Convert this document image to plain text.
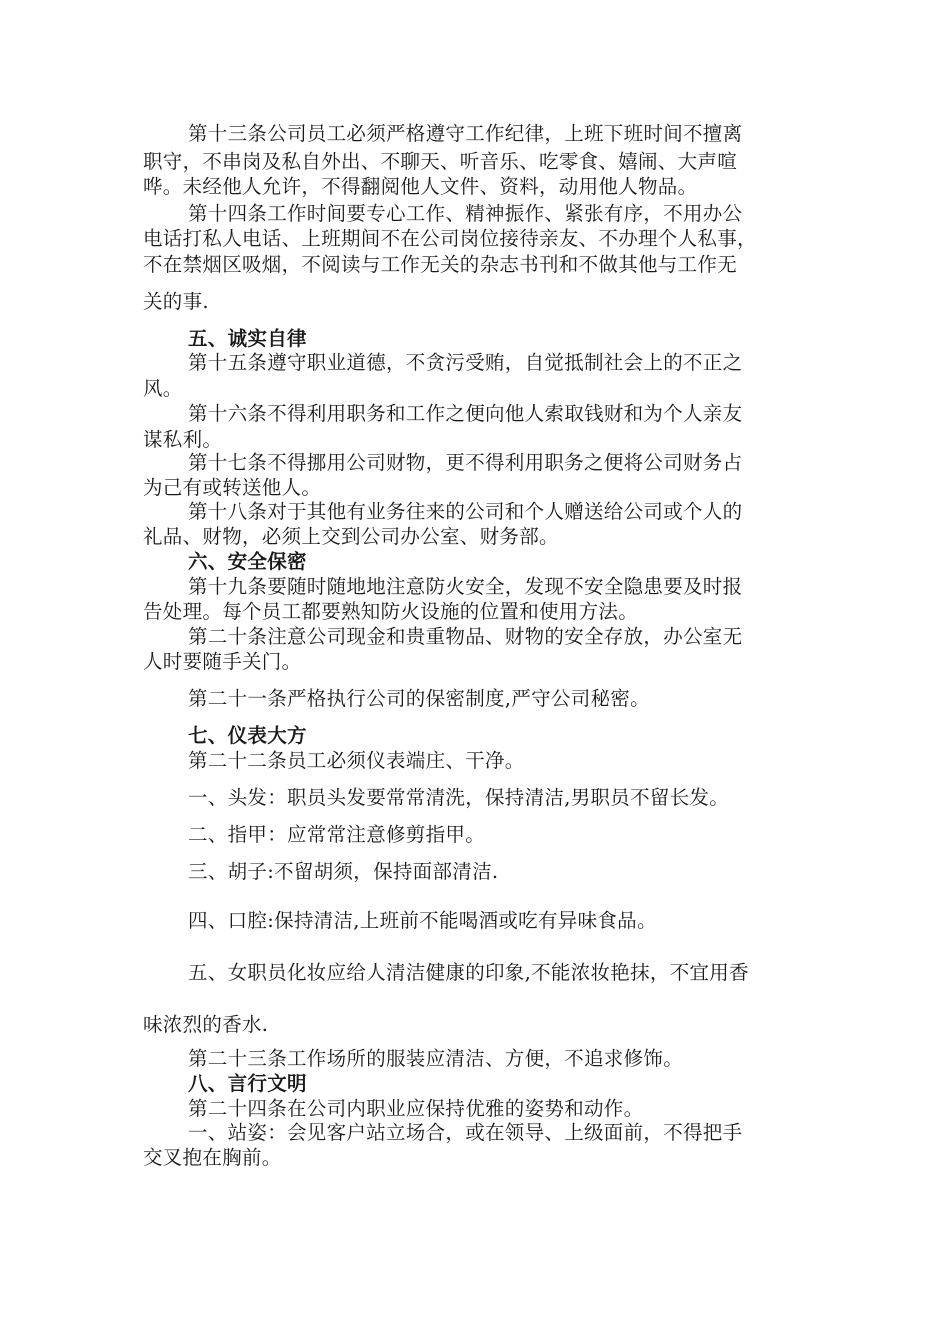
第十三条公司员工必须严格遵守工作纪律，上班下班时间不擅离
职守，不串岗及私自外出、不聊天、听音乐、吃零食、嬉闹、大声喧
哗。未经他人允许，不得翻阅他人文件、资料，动用他人物品。
第十四条工作时间要专心工作、精神振作、紧张有序，不用办公
电话打私人电话、上班期间不在公司岗位接待亲友、不办理个人私事，
不在禁烟区吸烟，不阅读与工作无关的杂志书刊和不做其他与工作无
关的事.
五、诚实自律
第十五条遵守职业道德，不贪污受贿，自觉抵制社会上的不正之
风。
第十六条不得利用职务和工作之便向他人索取钱财和为个人亲友
谋私利。
第十七条不得挪用公司财物，更不得利用职务之便将公司财务占
为己有或转送他人。
第十八条对于其他有业务往来的公司和个人赠送给公司或个人的
礼品、财物，必须上交到公司办公室、财务部。
六、安全保密
第十九条要随时随地地注意防火安全，发现不安全隐患要及时报
告处理。每个员工都要熟知防火设施的位置和使用方法。
第二十条注意公司现金和贵重物品、财物的安全存放，办公室无
人时要随手关门。
第二十一条严格执行公司的保密制度,严守公司秘密。
七、仪表大方
第二十二条员工必须仪表端庄、干净。
一、头发：职员头发要常常清洗，保持清洁,男职员不留长发。
二、指甲：应常常注意修剪指甲。
三、胡子:不留胡须，保持面部清洁.
四、口腔:保持清洁,上班前不能喝酒或吃有异味食品。
五、女职员化妆应给人清洁健康的印象,不能浓妆艳抹，不宜用香
味浓烈的香水.
第二十三条工作场所的服装应清洁、方便，不追求修饰。
八、言行文明
第二十四条在公司内职业应保持优雅的姿势和动作。
一、站姿：会见客户站立场合，或在领导、上级面前，不得把手
交叉抱在胸前。
